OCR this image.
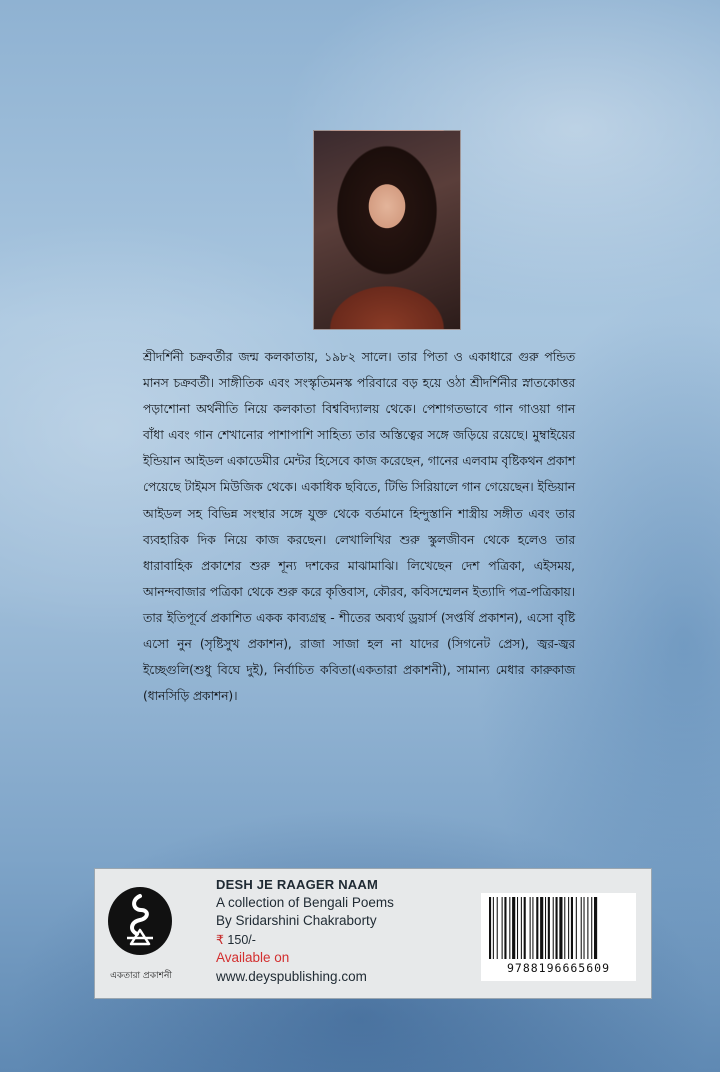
শ্রীদর্শিনী চক্রবর্তীর জন্ম কলকাতায়, ১৯৮২ সালে। তার পিতা ও একাধারে গুরু পন্ডিত মানস চক্রবর্তী। সাঙ্গীতিক এবং সংস্কৃতিমনস্ক পরিবারে বড় হয়ে ওঠা শ্রীদর্শিনীর স্নাতকোত্তর পড়াশোনা অর্থনীতি নিয়ে কলকাতা বিশ্ববিদ্যালয় থেকে। পেশাগতভাবে গান গাওয়া গান বাঁধা এবং গান শেখানোর পাশাপাশি সাহিত্য তার অস্তিত্বের সঙ্গে জড়িয়ে রয়েছে। মুম্বাইয়ের ইন্ডিয়ান আইডল একাডেমীর মেন্টর হিসেবে কাজ করেছেন, গানের এলবাম বৃষ্টিকথন প্রকাশ পেয়েছে টাইমস মিউজিক থেকে। একাধিক ছবিতে, টিভি সিরিয়ালে গান গেয়েছেন। ইন্ডিয়ান আইডল সহ বিভিন্ন সংস্থার সঙ্গে যুক্ত থেকে বর্তমানে হিন্দুস্তানি শাস্ত্রীয় সঙ্গীত এবং তার ব্যবহারিক দিক নিয়ে কাজ করছেন। লেখালিখির শুরু স্কুলজীবন থেকে হলেও তার ধারাবাহিক প্রকাশের শুরু শূন্য দশকের মাঝামাঝি। লিখেছেন দেশ পত্রিকা, এইসময়, আনন্দবাজার পত্রিকা থেকে শুরু করে কৃত্তিবাস, কৌরব, কবিসম্মেলন ইত্যাদি পত্র-পত্রিকায়। তার ইতিপূর্বে প্রকাশিত একক কাব্যগ্রন্থ - শীতের অব্যর্থ ড্রয়ার্স (সপ্তর্ষি প্রকাশন), এসো বৃষ্টি এসো নুন (সৃষ্টিসুখ প্রকাশন), রাজা সাজা হল না যাদের (সিগনেট প্রেস), জ্বর-জ্বর ইচ্ছেগুলি(শুধু বিঘে দুই), নির্বাচিত কবিতা(একতারা প্রকাশনী), সামান্য মেধার কারুকাজ (ধানসিড়ি প্রকাশন)।
একতারা প্রকাশনী
DESH JE RAAGER NAAM
A collection of Bengali Poems
By Sridarshini Chakraborty
₹ 150/-
Available on
www.deyspublishing.com
9788196665609
